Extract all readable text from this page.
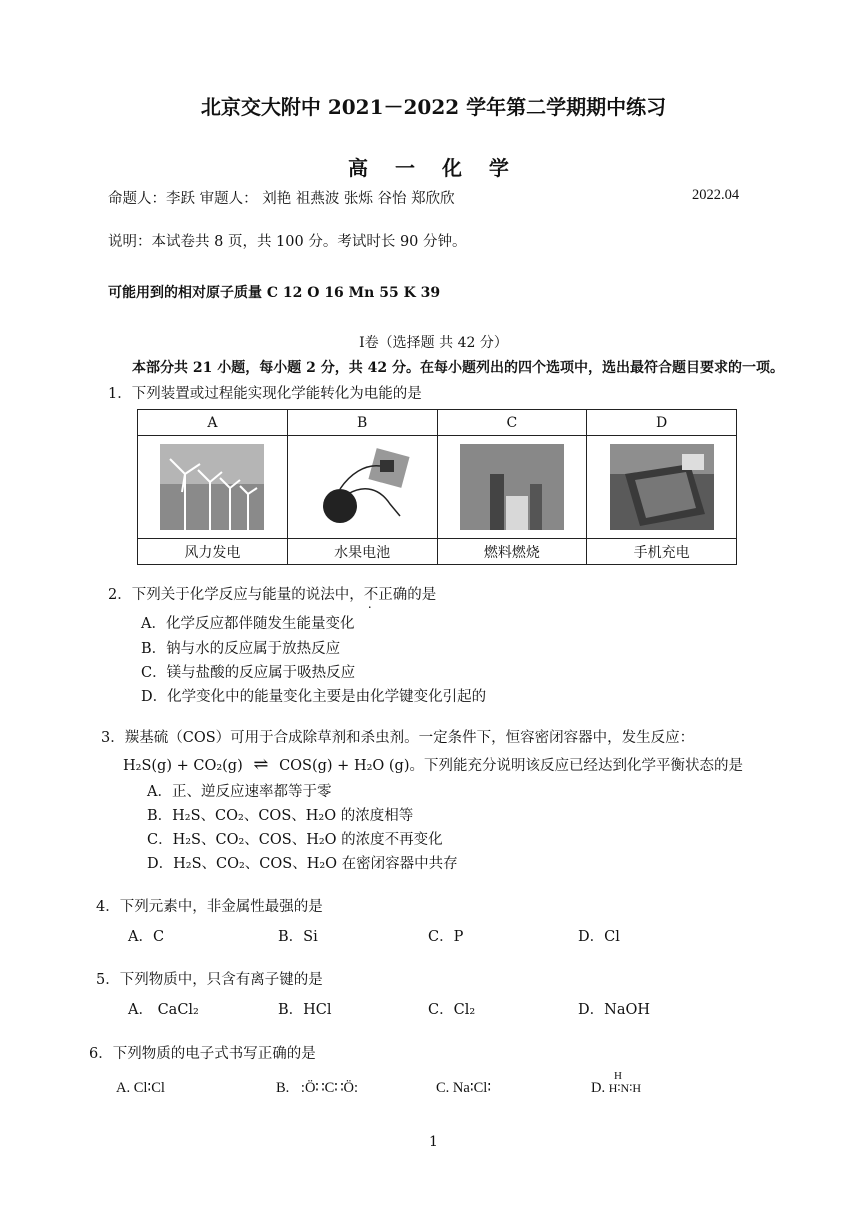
北京交大附中 2021－2022 学年第二学期期中练习
高 一 化 学
命题人：李跃 审题人： 刘艳 祖燕波 张烁 谷怡 郑欣欣	2022.04
说明：本试卷共 8 页，共 100 分。考试时长 90 分钟。
可能用到的相对原子质量 C 12 O 16 Mn 55 K 39
Ⅰ卷（选择题 共 42 分）
本部分共 21 小题，每小题 2 分，共 42 分。在每小题列出的四个选项中，选出最符合题目要求的一项。
1．下列装置或过程能实现化学能转化为电能的是
A	B	C	D

风力发电	水果电池	燃料燃烧	手机充电
2．下列关于化学反应与能量的说法中，不正确 ․的是
A．化学反应都伴随发生能量变化
B．钠与水的反应属于放热反应
C．镁与盐酸的反应属于吸热反应
D．化学变化中的能量变化主要是由化学键变化引起的
3．羰基硫（COS）可用于合成除草剂和杀虫剂。一定条件下，恒容密闭容器中，发生反应：
H₂S(g) + CO₂(g) ⇌ COS(g) + H₂O (g)。下列能充分说明该反应已经达到化学平衡状态的是
A．正、逆反应速率都等于零
B．H₂S、CO₂、COS、H₂O 的浓度相等
C．H₂S、CO₂、COS、H₂O 的浓度不再变化
D．H₂S、CO₂、COS、H₂O 在密闭容器中共存
4．下列元素中，非金属性最强的是
A．C	B．Si	C．P	D．Cl
5．下列物质中，只含有离子键的是
A． CaCl₂	B．HCl	C．Cl₂	D．NaOH
6．下列物质的电子式书写正确的是
A. Cl∶Cl	B. :Ö∷C∷Ö:	C. Na∶Cl∶
H
D. H∶N∶H
1
